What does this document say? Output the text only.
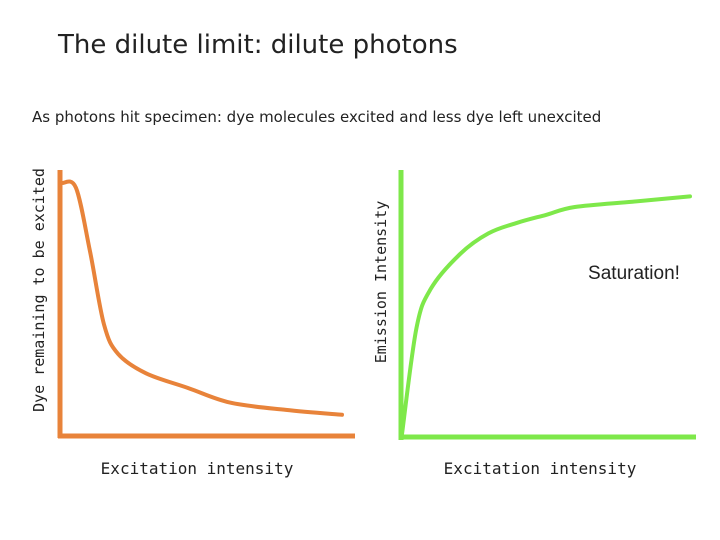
The dilute limit: dilute photons
As photons hit specimen: dye molecules excited and less dye left unexcited
Dye remaining to be excited
Excitation intensity
Emission Intensity
Excitation intensity
Saturation!
